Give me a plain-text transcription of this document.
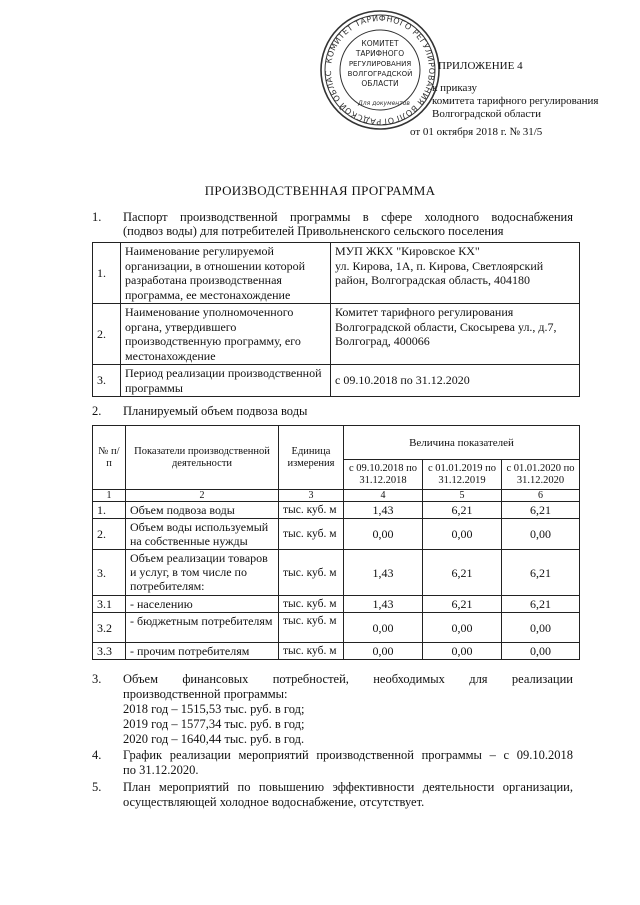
КОМИТЕТ ТАРИФНОГО РЕГУЛИРОВАНИЯ ВОЛГОГРАДСКОЙ ОБЛАС
КОМИТЕТ
ТАРИФНОГО
РЕГУЛИРОВАНИЯ
ВОЛГОГРАДСКОЙ
ОБЛАСТИ
Для документов
ПРИЛОЖЕНИЕ 4
к приказу
комитета тарифного регулирования
Волгоградской области
от 01 октября 2018 г. № 31/5
ПРОИЗВОДСТВЕННАЯ ПРОГРАММА
1. Паспорт производственной программы в сфере холодного водоснабжения
(подвоз воды) для потребителей Привольненского сельского поселения
1.	Наименование регулируемой организации, в отношении которой разработана производственная программа, ее местонахождение	МУП ЖКХ "Кировское КХ"
ул. Кирова, 1А, п. Кирова, Светлоярский район, Волгоградская область, 404180

2.	Наименование уполномоченного органа, утвердившего производственную программу, его местонахождение	Комитет тарифного регулирования
Волгоградской области, Скосырева ул., д.7, Волгоград, 400066

3.	Период реализации производственной программы	с 09.10.2018 по 31.12.2020
2. Планируемый объем подвоза воды
№ п/п	Показатели производственной деятельности	Единица измерения	Величина показателей		
			с 09.10.2018 по 31.12.2018	с 01.01.2019 по 31.12.2019	с 01.01.2020 по 31.12.2020
1	2	3	4	5	6
1.	Объем подвоза воды	тыс. куб. м	1,43	6,21	6,21
2.	Объем воды используемый на собственные нужды	тыс. куб. м	0,00	0,00	0,00
3.	Объем реализации товаров и услуг, в том числе по потребителям:	тыс. куб. м	1,43	6,21	6,21
3.1	- населению	тыс. куб. м	1,43	6,21	6,21
3.2	- бюджетным потребителям	тыс. куб. м	0,00	0,00	0,00
3.3	- прочим потребителям	тыс. куб. м	0,00	0,00	0,00
3. Объем финансовых потребностей, необходимых для реализации
производственной программы:
2018 год – 1515,53 тыс. руб. в год;
2019 год – 1577,34 тыс. руб. в год;
2020 год – 1640,44 тыс. руб. в год.
4. График реализации мероприятий производственной программы – с 09.10.2018
по 31.12.2020.
5. План мероприятий по повышению эффективности деятельности организации,
осуществляющей холодное водоснабжение, отсутствует.
